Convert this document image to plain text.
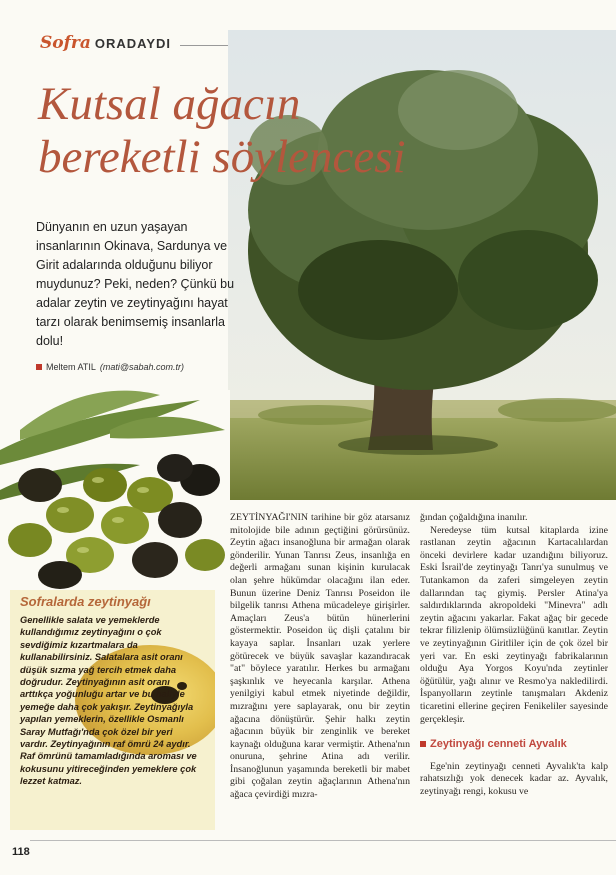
Sofra ORADAYDI
Kutsal ağacın
bereketli söylencesi
Dünyanın en uzun yaşayan insanlarının Okinava, Sardunya ve Girit adalarında olduğunu biliyor muydunuz? Peki, neden? Çünkü bu adalar zeytin ve zeytinyağını hayat tarzı olarak benimsemiş insanlarla dolu!
Meltem ATIL (mati@sabah.com.tr)
Sofralarda zeytinyağı
Genellikle salata ve yemeklerde kullandığımız zeytinyağını o çok sevdiğimiz kızartmalara da kullanabilirsiniz. Salatalara asit oranı düşük sızma yağ tercih etmek daha doğrudur. Zeytinyağının asit oranı arttıkça yoğunluğu artar ve bu haliyle yemeğe daha çok yakışır. Zeytinyağıyla yapılan yemeklerin, özellikle Osmanlı Saray Mutfağı'nda çok özel bir yeri vardır. Zeytinyağının raf ömrü 24 aydır. Raf ömrünü tamamladığında aroması ve kokusunu yitireceğinden yemeklere çok lezzet katmaz.
ZEYTİNYAĞI'NIN tarihine bir göz atarsanız mitolojide bile adının geçtiğini görürsünüz. Zeytin ağacı insanoğluna bir armağan olarak gönderilir. Yunan Tanrısı Zeus, insanlığa en değerli armağanı sunan kişinin kurulacak olan şehre hükümdar olacağını ilan eder. Bunun üzerine Deniz Tanrısı Poseidon ile bilgelik tanrısı Athena mücadeleye girişirler. Amaçları Zeus'a bütün hünerlerini göstermektir. Poseidon üç dişli çatalını bir kayaya saplar. İnsanları uzak yerlere götürecek ve büyük savaşlar kazandıracak "at" böylece yaratılır. Herkes bu armağanı şaşkınlık ve heyecanla karşılar. Athena yenilgiyi kabul etmek niyetinde değildir, mızrağını yere saplayarak, onu bir zeytin ağacına dönüştürür. Şehir halkı zeytin ağacının büyük bir zenginlik ve bereket kaynağı olduğuna karar vermiştir. Athena'nın onuruna, şehrine Atina adı verilir. İnsanoğlunun yaşamında bereketli bir mabet gibi çoğalan zeytin ağaçlarının Athena'nın ağaca çevirdiği mızra-
ğından çoğaldığına inanılır.
Neredeyse tüm kutsal kitaplarda izine rastlanan zeytin ağacının Kartacalılardan önceki devirlere kadar uzandığını biliyoruz. Eski İsrail'de zeytinyağı Tanrı'ya sunulmuş ve Tutankamon da zaferi simgeleyen zeytin dallarından taç giymiş. Persler Atina'ya saldırdıklarında akropoldeki "Minevra" adlı zeytin ağacını yakarlar. Fakat ağaç bir gecede tekrar filizlenip ölümsüzlüğünü kanıtlar. Zeytin ve zeytinyağının Giritliler için de çok özel bir yeri var. En eski zeytinyağı fabrikalarının olduğu Aya Yorgos Koyu'nda zeytinler öğütülür, yağı alınır ve Resmo'ya nakledilirdi. İspanyolların zeytinle tanışmaları Akdeniz ticaretini ellerine geçiren Fenikeliler sayesinde gerçekleşir.
Zeytinyağı cenneti Ayvalık
Ege'nin zeytinyağı cenneti Ayvalık'ta kalp rahatsızlığı yok denecek kadar az. Ayvalık, zeytinyağı rengi, kokusu ve
118
